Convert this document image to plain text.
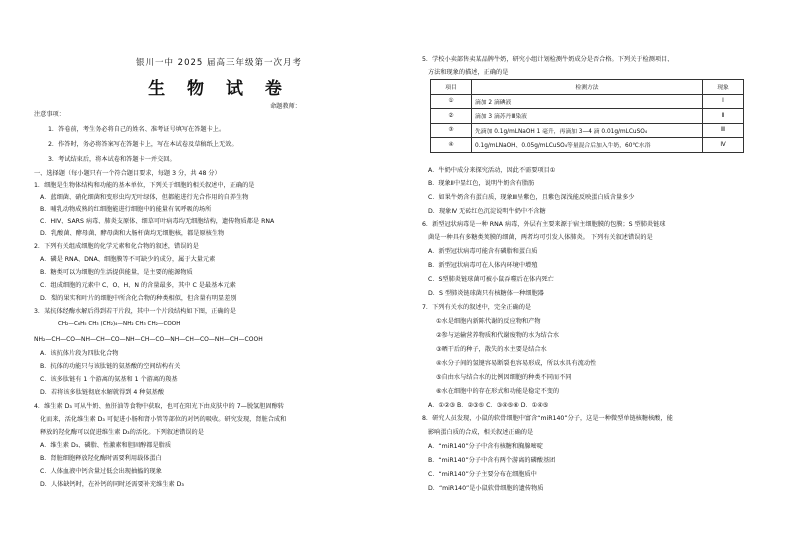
银川一中 2025 届高三年级第一次月考
生 物 试 卷
命题教师：
注意事项：
1．答卷前，考生务必将自己的姓名、准考证号填写在答题卡上。
2．作答时，务必将答案写在答题卡上，写在本试卷及草稿纸上无效。
3．考试结束后，将本试卷和答题卡一并交回。
一、选择题（每小题只有一个符合题目要求，每题 3 分，共 48 分）
1．细胞是生物体结构和功能的基本单位，下列关于细胞的相关叙述中，正确的是
A．蓝细菌、硝化细菌和变形虫均无叶绿体，但都能进行光合作用的自养生物
B．哺乳动物成熟的红细胞能进行细胞中的能量有氧呼吸的场所
C．HIV、SARS 病毒、肺炎支原体、细草可叶病毒均无细胞结构，遗传物质都是 RNA
D．乳酸菌、酵母菌、酵母菌和大肠杆菌均无细胞核，都是原核生物
2．下列有关组成细胞的化学元素和化合物的叙述，错误的是
A．磷是 RNA、DNA、细胞膜等不可缺少的成分，属于大量元素
B．糖类可以为细胞的生活提供能量，是主要的能源物质
C．组成细胞的元素中 C、O、H、N 的含量最多，其中 C 是最基本元素
D．梨的果实和叶片的细胞中所含化合物的种类相似，但含量有明显差别
3．某抗体经酶水解后得到若干片段，其中一个片段结构如下图，正确的是
CH₂—C₆H₅ CH₃ (CH₂)₄—NH₂ CH₃ CH₂—COOH
NH₂—CH—CO—NH—CH—CO—NH—CH—CO—NH—CH—CO—NH—CH—COOH
A．该抗体片段为四肽化合物
B．抗体的功能只与该肽链的氨基酸的空间结构有关
C．该多肽链有 1 个游离的氨基和 1 个游离的羧基
D．若将该多肽链彻底水解就得到 4 种氨基酸
4．维生素 D₃ 可从牛奶、鱼肝油等食物中获取，也可在阳光下由皮肤中的 7—脱氢胆固醇转
化而来，活化维生素 D₃ 可促进小肠和肾小管等部位的对钙的吸收。研究发现，肾脏合成和
释放的羟化酶可以促进维生素 D₃的活化。下列叙述错误的是
A．维生素 D₃、磷脂、性激素和胆固醇都是脂质
B．肾脏细胞释放羟化酶时需要利用载体蛋白
C．人体血液中钙含量过低会出现抽搐的现象
D．人体缺钙时，在补钙的同时还需要补充维生素 D₃
5．学校小卖部售卖某品牌牛奶，研究小组计划检测牛奶成分是否合格。下列关于检测项目、
方法和现象的描述，正确的是
项目	检测方法	现象
①	滴加 2 滴碘液	Ⅰ
②	滴加 3 滴苏丹Ⅲ染液	Ⅱ
③	先滴加 0.1g/mLNaOH 1 毫升，再滴加 3—4 滴 0.01g/mLCuSO₄	Ⅲ
④	0.1g/mLNaOH、0.05g/mLCuSO₄等量混合后加入牛奶，60℃水浴	Ⅳ
A．牛奶中成分来探究活动，因此不需要项目①
B．现象Ⅱ中显红色，说明牛奶含有脂肪
C．如果牛奶含有蛋白质，现象Ⅲ呈紫色，且紫色深浅能反映蛋白质含量多少
D．现象Ⅳ 无砖红色沉淀说明牛奶中不含糖
6．新型冠状病毒是一种 RNA 病毒，外层有主要来源于宿主细胞膜的包膜；S 型肺炎链球
菌是一种具有多糖类荚膜的细菌，两者均可引发人体肺炎。 下列有关叙述错误的是
A．新型冠状病毒可能含有磷脂和蛋白质
B．新型冠状病毒可在人体内环境中增殖
C．S型肺炎链球菌可被小鼠吞噬后在体内死亡
D．S 型肺炎链球菌只有核糖体一种细胞器
7．下列有关水的叙述中，完全正确的是
①水是细胞内新陈代谢的反应物和产物
②参与运输营养物质和代谢废物的水为结合水
③晒干后的种子，散失的水主要是结合水
④水分子间的氢键容易断裂也容易形成，所以水具有流动性
⑤自由水与结合水的比例因细胞的种类不同而不同
⑥水在细胞中的存在形式和功能是稳定不变的
A．①②③ B．②③⑤ C．③④⑤⑥ D．①④⑤
8．研究人员发现，小鼠的软骨细胞中富含“miR140”分子，这是一种微型单链核糖核酸，能
影响蛋白质的合成，相关叙述正确的是
A．“miR140”分子中含有核糖和胸腺嘧啶
B．“miR140”分子中含有两个游离的磷酸基团
C．“miR140”分子主要分布在细胞质中
D．“miR140”是小鼠软骨细胞的遗传物质
